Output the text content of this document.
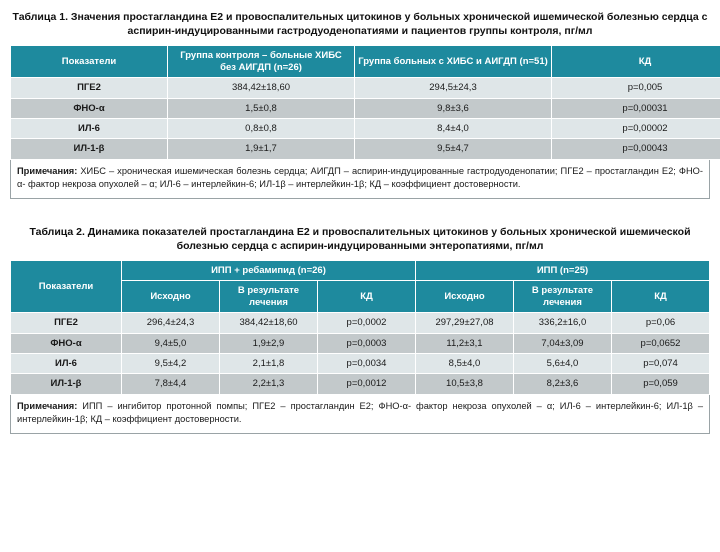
Таблица 1. Значения простагландина Е2 и провоспалительных цитокинов у больных хронической ишемической болезнью сердца с аспирин-индуцированными гастродуоденопатиями и пациентов группы контроля, пг/мл
Показатели	Группа контроля – больные ХИБС без АИГДП (n=26)	Группа больных с ХИБС и АИГДП (n=51)	КД
ПГЕ2	384,42±18,60	294,5±24,3	р=0,005
ФНО-α	1,5±0,8	9,8±3,6	р=0,00031
ИЛ-6	0,8±0,8	8,4±4,0	р=0,00002
ИЛ-1-β	1,9±1,7	9,5±4,7	р=0,00043
Примечания: ХИБС – хроническая ишемическая болезнь сердца; АИГДП – аспирин-индуцированные гастродуоденопатии; ПГЕ2 – простагландин Е2; ФНО-α- фактор некроза опухолей – α; ИЛ-6 – интерлейкин-6; ИЛ-1β – интерлейкин-1β; КД – коэффициент достоверности.
Таблица 2. Динамика показателей простагландина Е2 и провоспалительных цитокинов у больных хронической ишемической болезнью сердца с аспирин-индуцированными энтеропатиями, пг/мл
Показатели	ИПП + ребамипид (n=26)			ИПП (n=25)		
	Исходно	В результате лечения	КД	Исходно	В результате лечения	КД
ПГЕ2	296,4±24,3	384,42±18,60	р=0,0002	297,29±27,08	336,2±16,0	р=0,06
ФНО-α	9,4±5,0	1,9±2,9	р=0,0003	11,2±3,1	7,04±3,09	р=0,0652
ИЛ-6	9,5±4,2	2,1±1,8	р=0,0034	8,5±4,0	5,6±4,0	р=0,074
ИЛ-1-β	7,8±4,4	2,2±1,3	р=0,0012	10,5±3,8	8,2±3,6	р=0,059
Примечания: ИПП – ингибитор протонной помпы; ПГЕ2 – простагландин Е2; ФНО-α- фактор некроза опухолей – α; ИЛ-6 – интерлейкин-6; ИЛ-1β – интерлейкин-1β; КД – коэффициент достоверности.
